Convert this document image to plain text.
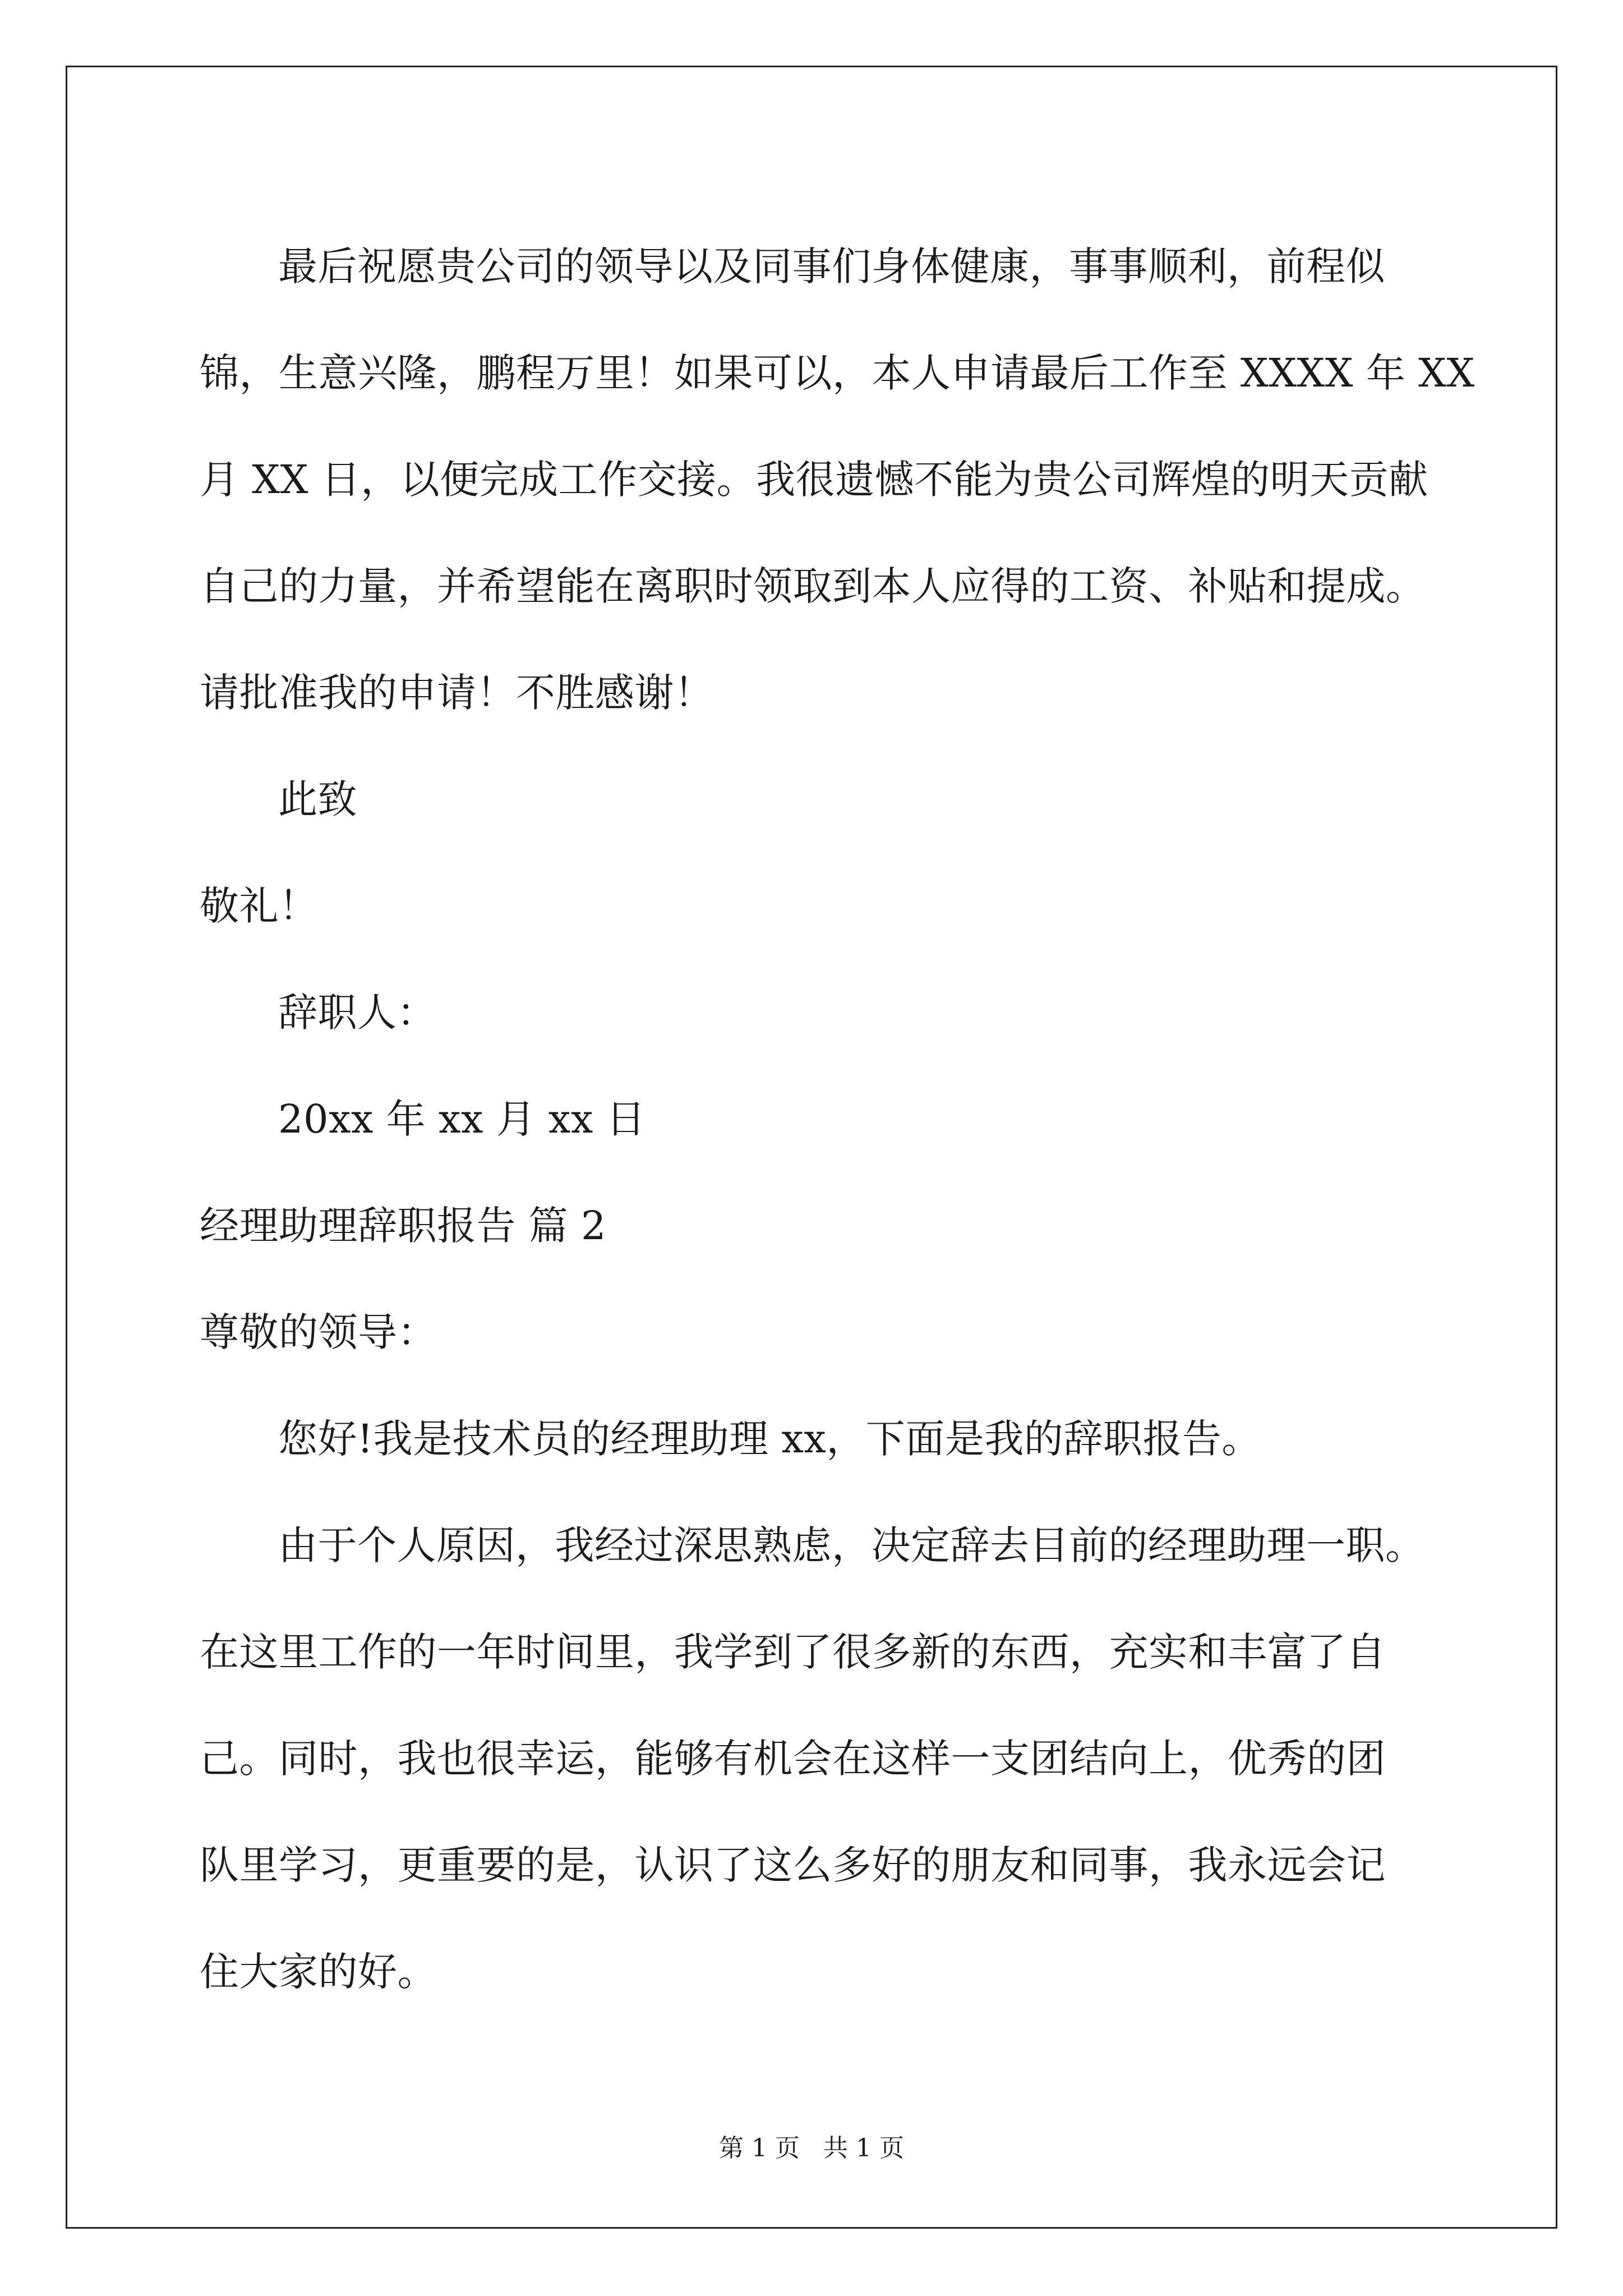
最后祝愿贵公司的领导以及同事们身体健康，事事顺利，前程似
锦，生意兴隆，鹏程万里！如果可以，本人申请最后工作至 XXXX 年 XX
月 XX 日，以便完成工作交接。我很遗憾不能为贵公司辉煌的明天贡献
自己的力量，并希望能在离职时领取到本人应得的工资、补贴和提成。
请批准我的申请！不胜感谢！
此致
敬礼！
辞职人：
20xx 年 xx 月 xx 日
经理助理辞职报告 篇 2
尊敬的领导：
您好!我是技术员的经理助理 xx，下面是我的辞职报告。
由于个人原因，我经过深思熟虑，决定辞去目前的经理助理一职。
在这里工作的一年时间里，我学到了很多新的东西，充实和丰富了自
己。同时，我也很幸运，能够有机会在这样一支团结向上，优秀的团
队里学习，更重要的是，认识了这么多好的朋友和同事，我永远会记
住大家的好。
第 1 页   共 1 页
